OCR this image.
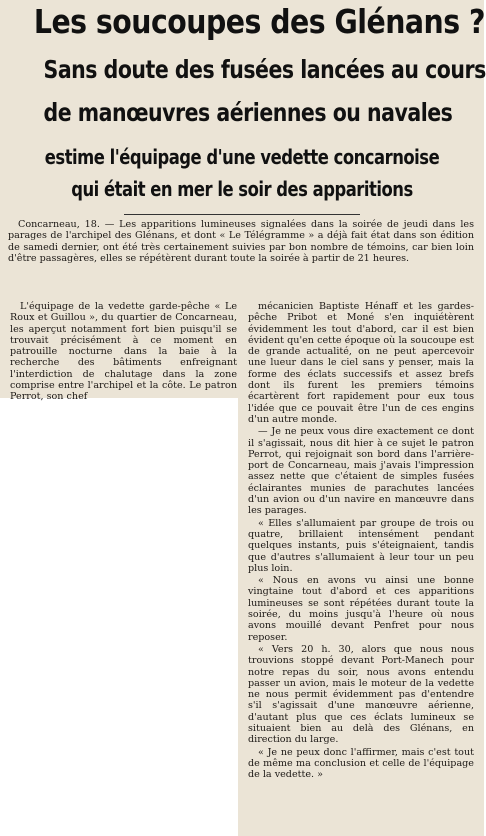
Les soucoupes des Glénans ?
Sans doute des fusées lancées au cours
de manœuvres aériennes ou navales
estime l'équipage d'une vedette concarnoise
qui était en mer le soir des apparitions

Concarneau, 18. — Les apparitions lumineuses signalées dans la soirée de jeudi dans les parages de l'archipel des Glénans, et dont « Le Télégramme » a déjà fait état dans son édition de samedi dernier, ont été très certainement suivies par bon nombre de témoins, car bien loin d'être passagères, elles se répétèrent durant toute la soirée à partir de 21 heures.

L'équipage de la vedette garde-pêche « Le Roux et Guillou », du quartier de Concarneau, les aperçut notamment fort bien puisqu'il se trouvait précisément à ce moment en patrouille nocturne dans la baie à la recherche des bâtiments enfreignant l'interdiction de chalutage dans la zone comprise entre l'archipel et la côte. Le patron Perrot, son chef

mécanicien Baptiste Hénaff et les gardes-pêche Pribot et Moné s'en inquiétèrent évidemment les tout d'abord, car il est bien évident qu'en cette époque où la soucoupe est de grande actualité, on ne peut apercevoir une lueur dans le ciel sans y penser, mais la forme des éclats successifs et assez brefs dont ils furent les premiers témoins écartèrent fort rapidement pour eux tous l'idée que ce pouvait être l'un de ces engins d'un autre monde.

— Je ne peux vous dire exactement ce dont il s'agissait, nous dit hier à ce sujet le patron Perrot, qui rejoignait son bord dans l'arrière-port de Concarneau, mais j'avais l'impression assez nette que c'étaient de simples fusées éclairantes munies de parachutes lancées d'un avion ou d'un navire en manœuvre dans les parages.

« Elles s'allumaient par groupe de trois ou quatre, brillaient intensément pendant quelques instants, puis s'éteignaient, tandis que d'autres s'allumaient à leur tour un peu plus loin.

« Nous en avons vu ainsi une bonne vingtaine tout d'abord et ces apparitions lumineuses se sont répétées durant toute la soirée, du moins jusqu'à l'heure où nous avons mouillé devant Penfret pour nous reposer.

« Vers 20 h. 30, alors que nous nous trouvions stoppé devant Port-Manech pour notre repas du soir, nous avons entendu passer un avion, mais le moteur de la vedette ne nous permit évidemment pas d'entendre s'il s'agissait d'une manœuvre aérienne, d'autant plus que ces éclats lumineux se situaient bien au delà des Glénans, en direction du large.

« Je ne peux donc l'affirmer, mais c'est tout de même ma conclusion et celle de l'équipage de la vedette. »
